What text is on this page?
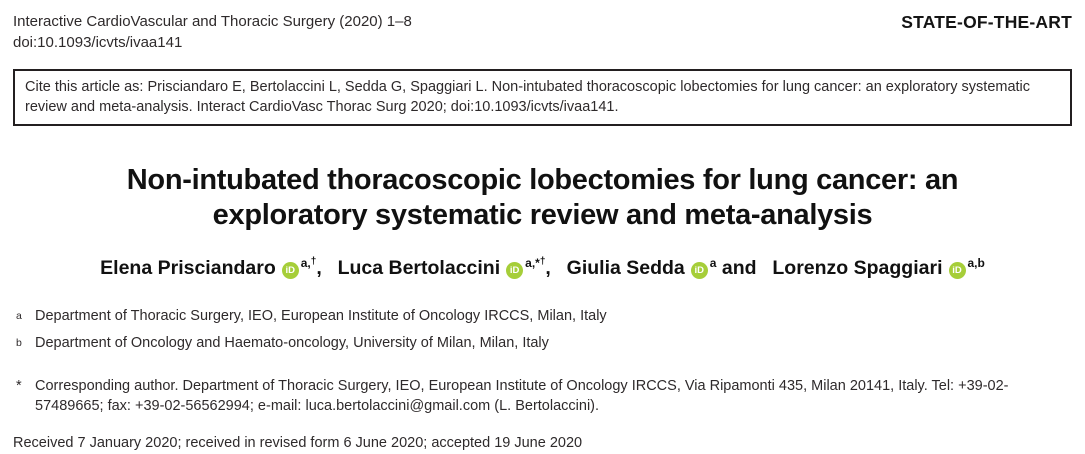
Interactive CardioVascular and Thoracic Surgery (2020) 1–8
doi:10.1093/icvts/ivaa141
STATE-OF-THE-ART
Cite this article as: Prisciandaro E, Bertolaccini L, Sedda G, Spaggiari L. Non-intubated thoracoscopic lobectomies for lung cancer: an exploratory systematic review and meta-analysis. Interact CardioVasc Thorac Surg 2020; doi:10.1093/icvts/ivaa141.
Non-intubated thoracoscopic lobectomies for lung cancer: an
exploratory systematic review and meta-analysis
Elena Prisciandaro $iD^{a,^\dagger}$,  Luca Bertolaccini $iD^{a,*^\dagger}$,  Giulia Sedda $iD^a$ and  Lorenzo Spaggiari iD$^{a,b}$
$^a$ Department of Thoracic Surgery, IEO, European Institute of Oncology IRCCS, Milan, Italy
$^b$ Department of Oncology and Haemato-oncology, University of Milan, Milan, Italy
* Corresponding author. Department of Thoracic Surgery, IEO, European Institute of Oncology IRCCS, Via Ripamonti 435, Milan 20141, Italy. Tel: +39-02-57489665; fax: +39-02-56562994; e-mail: luca.bertolaccini@gmail.com (L. Bertolaccini).
Received 7 January 2020; received in revised form 6 June 2020; accepted 19 June 2020
